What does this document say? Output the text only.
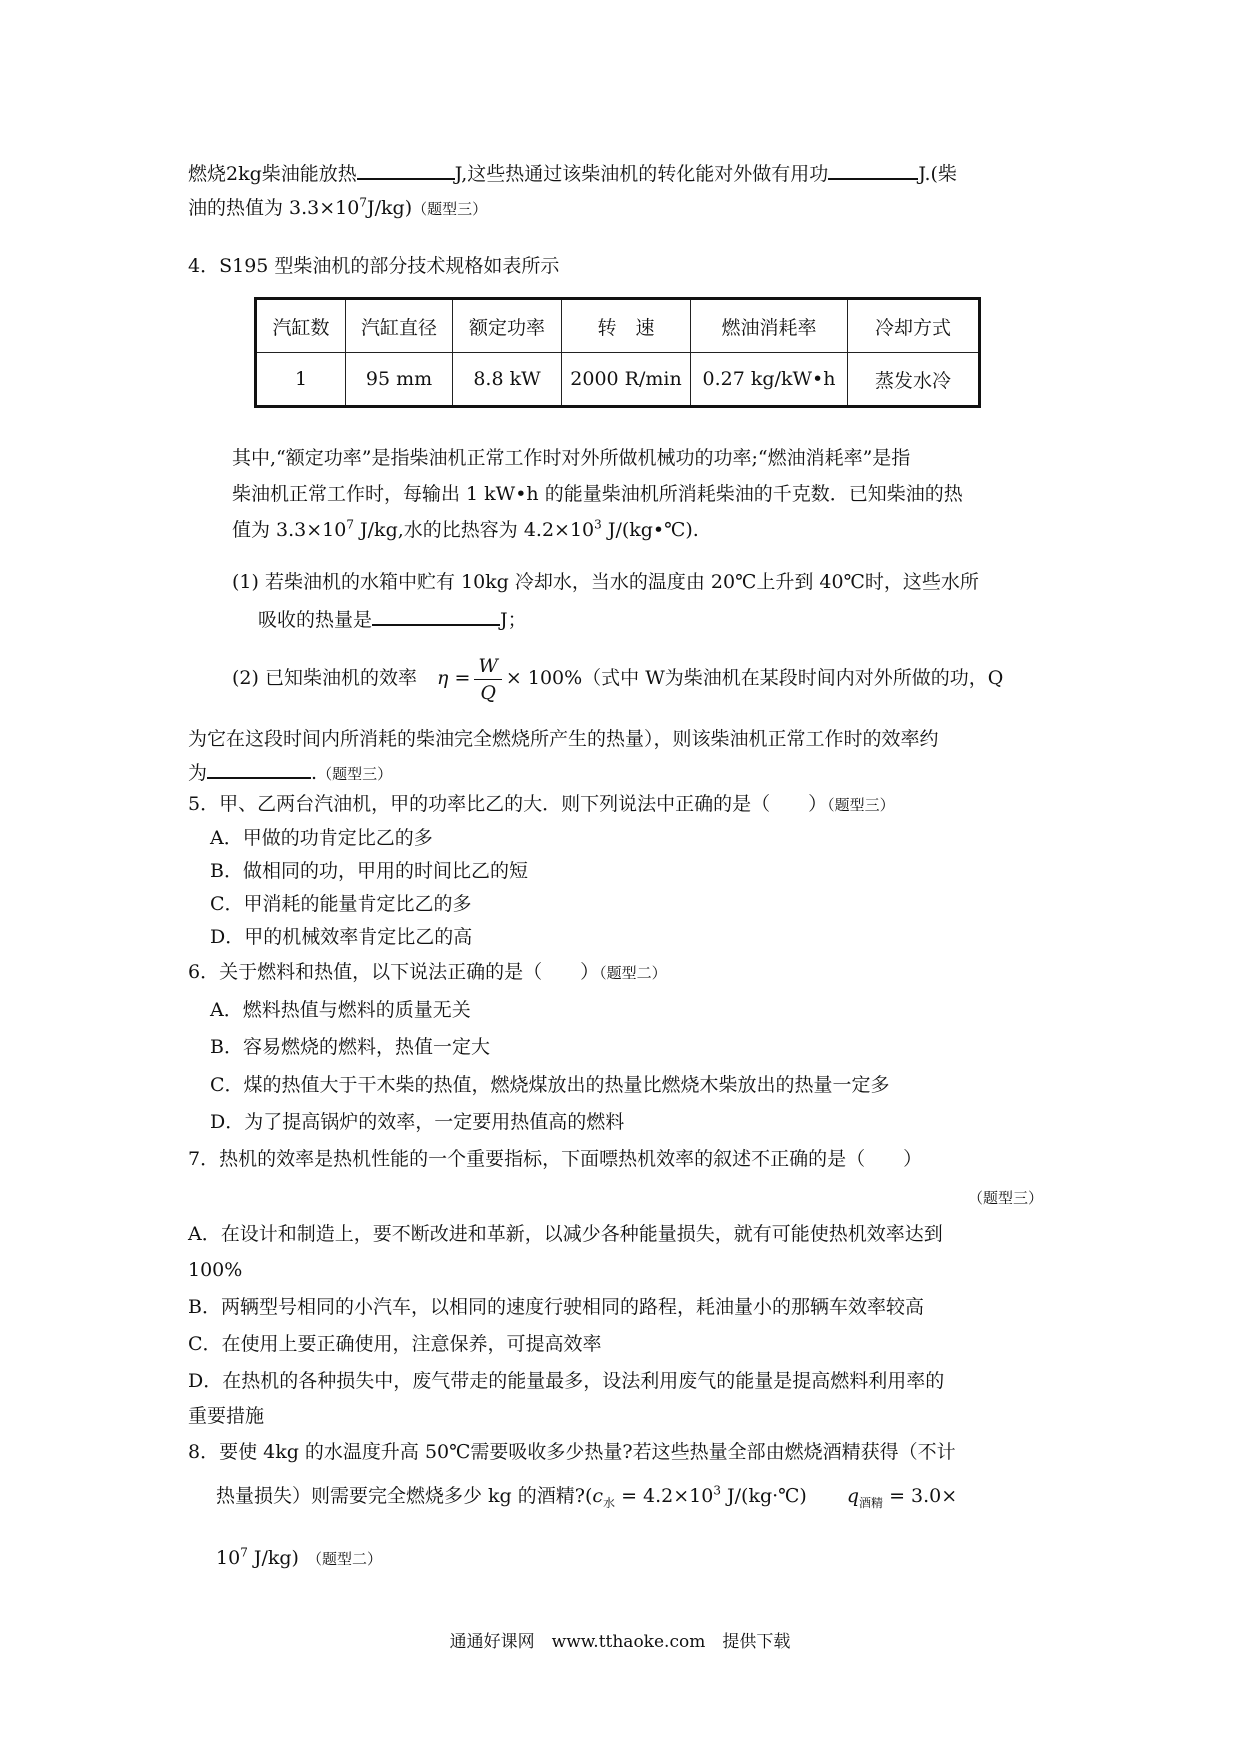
燃烧2kg柴油能放热	J,这些热通过该柴油机的转化能对外做有用功	J.(柴
油的热值为 $3.3\times 10^7J/kg$)（题型三）
4．S195 型柴油机的部分技术规格如表所示
汽缸数	汽缸直径	额定功率	转　速	燃油消耗率	冷却方式
1	95 mm	8.8 kW	2000 R/min	0.27 kg/kW•h	蒸发水冷
其中,“额定功率”是指柴油机正常工作时对外所做机械功的功率;“燃油消耗率”是指
柴油机正常工作时，每输出 1 kW•h 的能量柴油机所消耗柴油的千克数．已知柴油的热
值为 $3.3\times 10^7$ J/kg,水的比热容为 $4.2\times 10^3$ J/(kg•℃).
(1) 若柴油机的水箱中贮有 10kg 冷却水，当水的温度由 20℃上升到 40℃时，这些水所
吸收的热量是	J；
(2) 已知柴油机的效率 $\eta = \frac{W}{Q} \times 100\%$（式中 W为柴油机在某段时间内对外所做的功，Q
为它在这段时间内所消耗的柴油完全燃烧所产生的热量），则该柴油机正常工作时的效率约
为	.（题型三）
5．甲、乙两台汽油机，甲的功率比乙的大．则下列说法中正确的是（　　）（题型三）
A．甲做的功肯定比乙的多
B．做相同的功，甲用的时间比乙的短
C．甲消耗的能量肯定比乙的多
D．甲的机械效率肯定比乙的高
6．关于燃料和热值，以下说法正确的是（　　）（题型二）
A．燃料热值与燃料的质量无关
B．容易燃烧的燃料，热值一定大
C．煤的热值大于干木柴的热值，燃烧煤放出的热量比燃烧木柴放出的热量一定多
D．为了提高锅炉的效率，一定要用热值高的燃料
7．热机的效率是热机性能的一个重要指标，下面嘌热机效率的叙述不正确的是（　　）
（题型三）
A．在设计和制造上，要不断改进和革新，以减少各种能量损失，就有可能使热机效率达到
100%
B．两辆型号相同的小汽车，以相同的速度行驶相同的路程，耗油量小的那辆车效率较高
C．在使用上要正确使用，注意保养，可提高效率
D．在热机的各种损失中，废气带走的能量最多，设法利用废气的能量是提高燃料利用率的
重要措施
8．要使 4kg 的水温度升高 50℃需要吸收多少热量?若这些热量全部由燃烧酒精获得（不计
热量损失）则需要完全燃烧多少 kg 的酒精$?(c_水 = 4.2\times 10^3$ J/(kg·℃) $q_{酒精} = 3.0\times$
$10^7$ J/kg) （题型二）
通通好课网　www.tthaoke.com　提供下载
